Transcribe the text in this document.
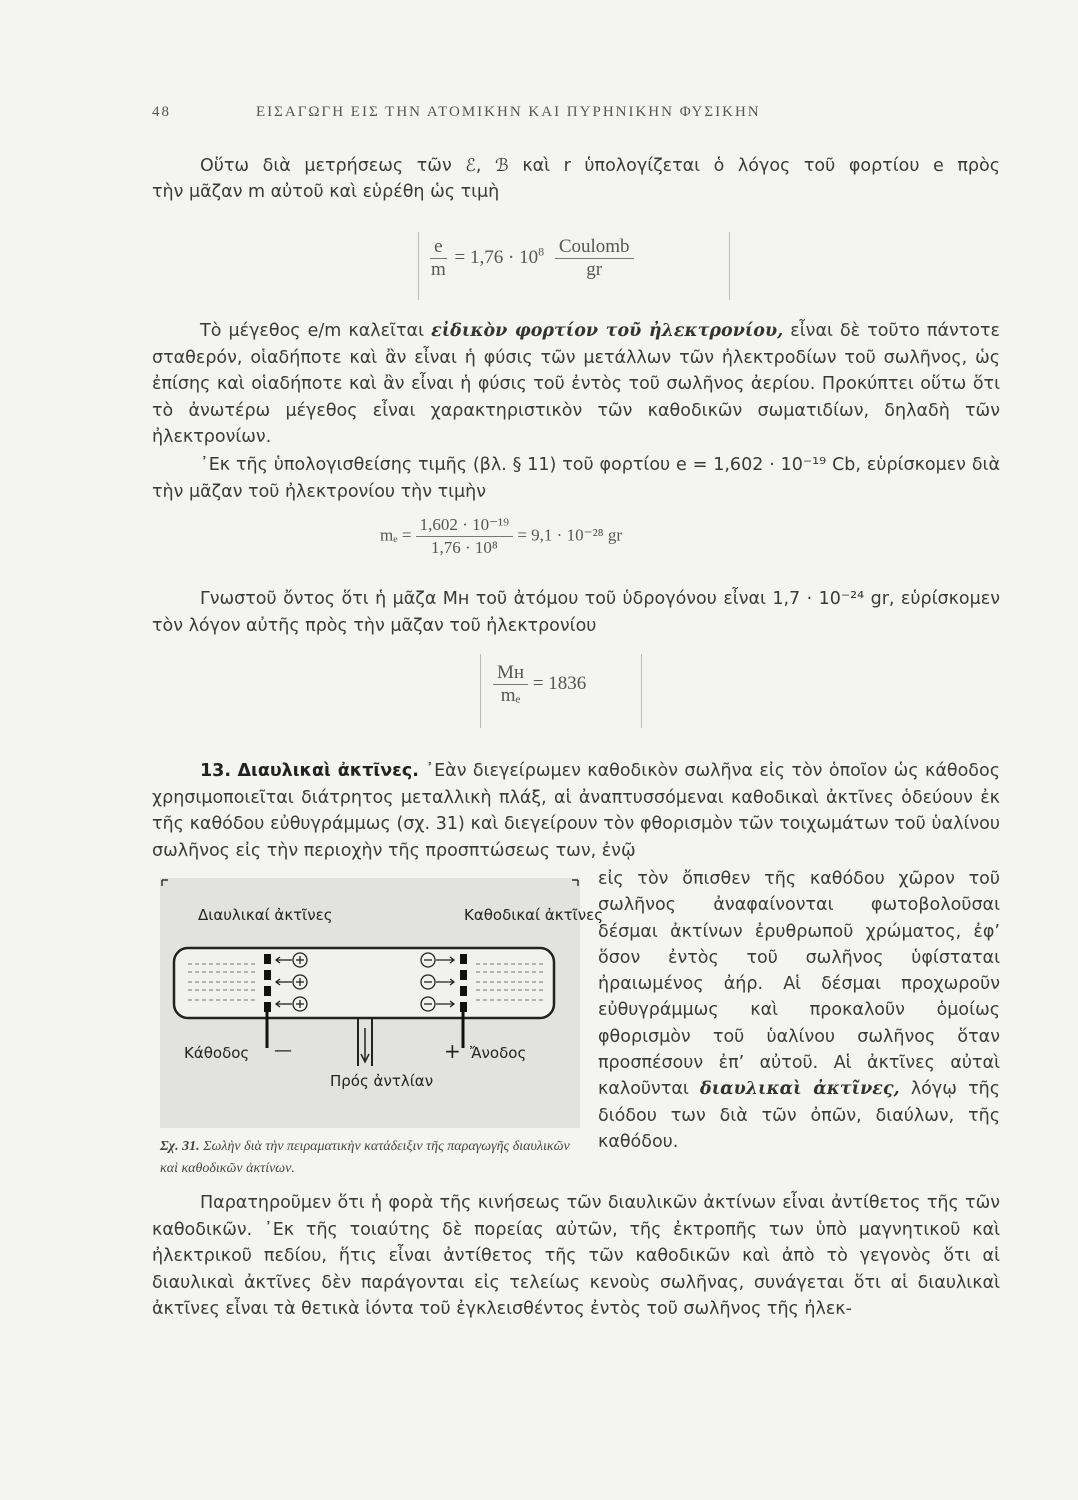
48	ΕΙΣΑΓΩΓΗ ΕΙΣ ΤΗΝ ΑΤΟΜΙΚΗΝ ΚΑΙ ΠΥΡΗΝΙΚΗΝ ΦΥΣΙΚΗΝ
Οὕτω διὰ μετρήσεως τῶν ℰ, ℬ καὶ r ὑπολογίζεται ὁ λόγος τοῦ φορτίου e πρὸς
τὴν μᾶζαν m αὐτοῦ καὶ εὑρέθη ὡς τιμὴ
$\frac{e}{m} = 1,76 \cdot 10^8 \frac{\text{Coulomb}}{gr}$
Τὸ μέγεθος e/m καλεῖται εἰδικὸν φορτίον τοῦ ἠλεκτρονίου, εἶναι δὲ τοῦτο πάντοτε σταθερόν, οἱαδήποτε καὶ ἂν εἶναι ἡ φύσις τῶν μετάλλων τῶν ἠλεκτροδίων τοῦ σωλῆνος, ὡς ἐπίσης καὶ οἱαδήποτε καὶ ἂν εἶναι ἡ φύσις τοῦ ἐντὸς τοῦ σωλῆνος ἀερίου. Προκύπτει οὕτω ὅτι τὸ ἀνωτέρω μέγεθος εἶναι χαρακτηριστικὸν τῶν καθοδικῶν σωματιδίων, δηλαδὴ τῶν ἠλεκτρονίων.
᾿Εκ τῆς ὑπολογισθείσης τιμῆς (βλ. § 11) τοῦ φορτίου e = 1,602 · 10⁻¹⁹ Cb, εὑρίσκομεν διὰ τὴν μᾶζαν τοῦ ἠλεκτρονίου τὴν τιμὴν
$m_e = \frac{\text{1,602 · 10⁻¹⁹}}{\text{1,76 · 10⁸}} = 9,1 \cdot 10^{-28}$ gr
Γνωστοῦ ὄντος ὅτι ἡ μᾶζα Mн τοῦ ἀτόμου τοῦ ὑδρογόνου εἶναι 1,7 · 10⁻²⁴ gr, εὑρίσκομεν τὸν λόγον αὐτῆς πρὸς τὴν μᾶζαν τοῦ ἠλεκτρονίου
$\frac{Mн}{\text{mₑ}} = 1836$
13. Διαυλικαὶ ἀκτῖνες. ᾿Εὰν διεγείρωμεν καθοδικὸν σωλῆνα εἰς τὸν ὁποῖον ὡς κάθοδος χρησιμοποιεῖται διάτρητος μεταλλικὴ πλάξ, αἱ ἀναπτυσσόμεναι καθοδικαὶ ἀκτῖνες ὁδεύουν ἐκ τῆς καθόδου εὐθυγράμμως (σχ. 31) καὶ διεγείρουν τὸν φθορισμὸν τῶν τοιχωμάτων τοῦ ὑαλίνου σωλῆνος εἰς τὴν περιοχὴν τῆς προσπτώσεως των, ἐνῷ
Διαυλικαί ἀκτῖνες	Καθοδικαί ἀκτῖνες
Κάθοδος —	+ Ἄνοδος
Πρός ἀντλίαν
Σχ. 31. Σωλὴν διὰ τὴν πειραματικὴν κατάδειξιν τῆς παραγωγῆς διαυλικῶν καὶ καθοδικῶν ἀκτίνων.
εἰς τὸν ὄπισθεν τῆς καθόδου χῶρον τοῦ σωλῆνος ἀναφαίνονται φωτοβολοῦσαι δέσμαι ἀκτίνων ἐρυθρωποῦ χρώματος, ἐφ’ ὅσον ἐντὸς τοῦ σωλῆνος ὑφίσταται ἠραιωμένος ἀήρ. Αἱ δέσμαι προχωροῦν εὐθυγράμμως καὶ προκαλοῦν ὁμοίως φθορισμὸν τοῦ ὑαλίνου σωλῆνος ὅταν προσπέσουν ἐπ’ αὐτοῦ. Αἱ ἀκτῖνες αὐταὶ καλοῦνται διαυλικαὶ ἀκτῖνες, λόγῳ τῆς διόδου των διὰ τῶν ὀπῶν, διαύλων, τῆς καθόδου.
Παρατηροῦμεν ὅτι ἡ φορὰ τῆς κινήσεως τῶν διαυλικῶν ἀκτίνων εἶναι ἀντίθετος τῆς τῶν καθοδικῶν. ᾿Εκ τῆς τοιαύτης δὲ πορείας αὐτῶν, τῆς ἐκτροπῆς των ὑπὸ μαγνητικοῦ καὶ ἠλεκτρικοῦ πεδίου, ἥτις εἶναι ἀντίθετος τῆς τῶν καθοδικῶν καὶ ἀπὸ τὸ γεγονὸς ὅτι αἱ διαυλικαὶ ἀκτῖνες δὲν παράγονται εἰς τελείως κενοὺς σωλῆνας, συνάγεται ὅτι αἱ διαυλικαὶ ἀκτῖνες εἶναι τὰ θετικὰ ἰόντα τοῦ ἐγκλεισθέντος ἐντὸς τοῦ σωλῆνος τῆς ἠλεκ-
